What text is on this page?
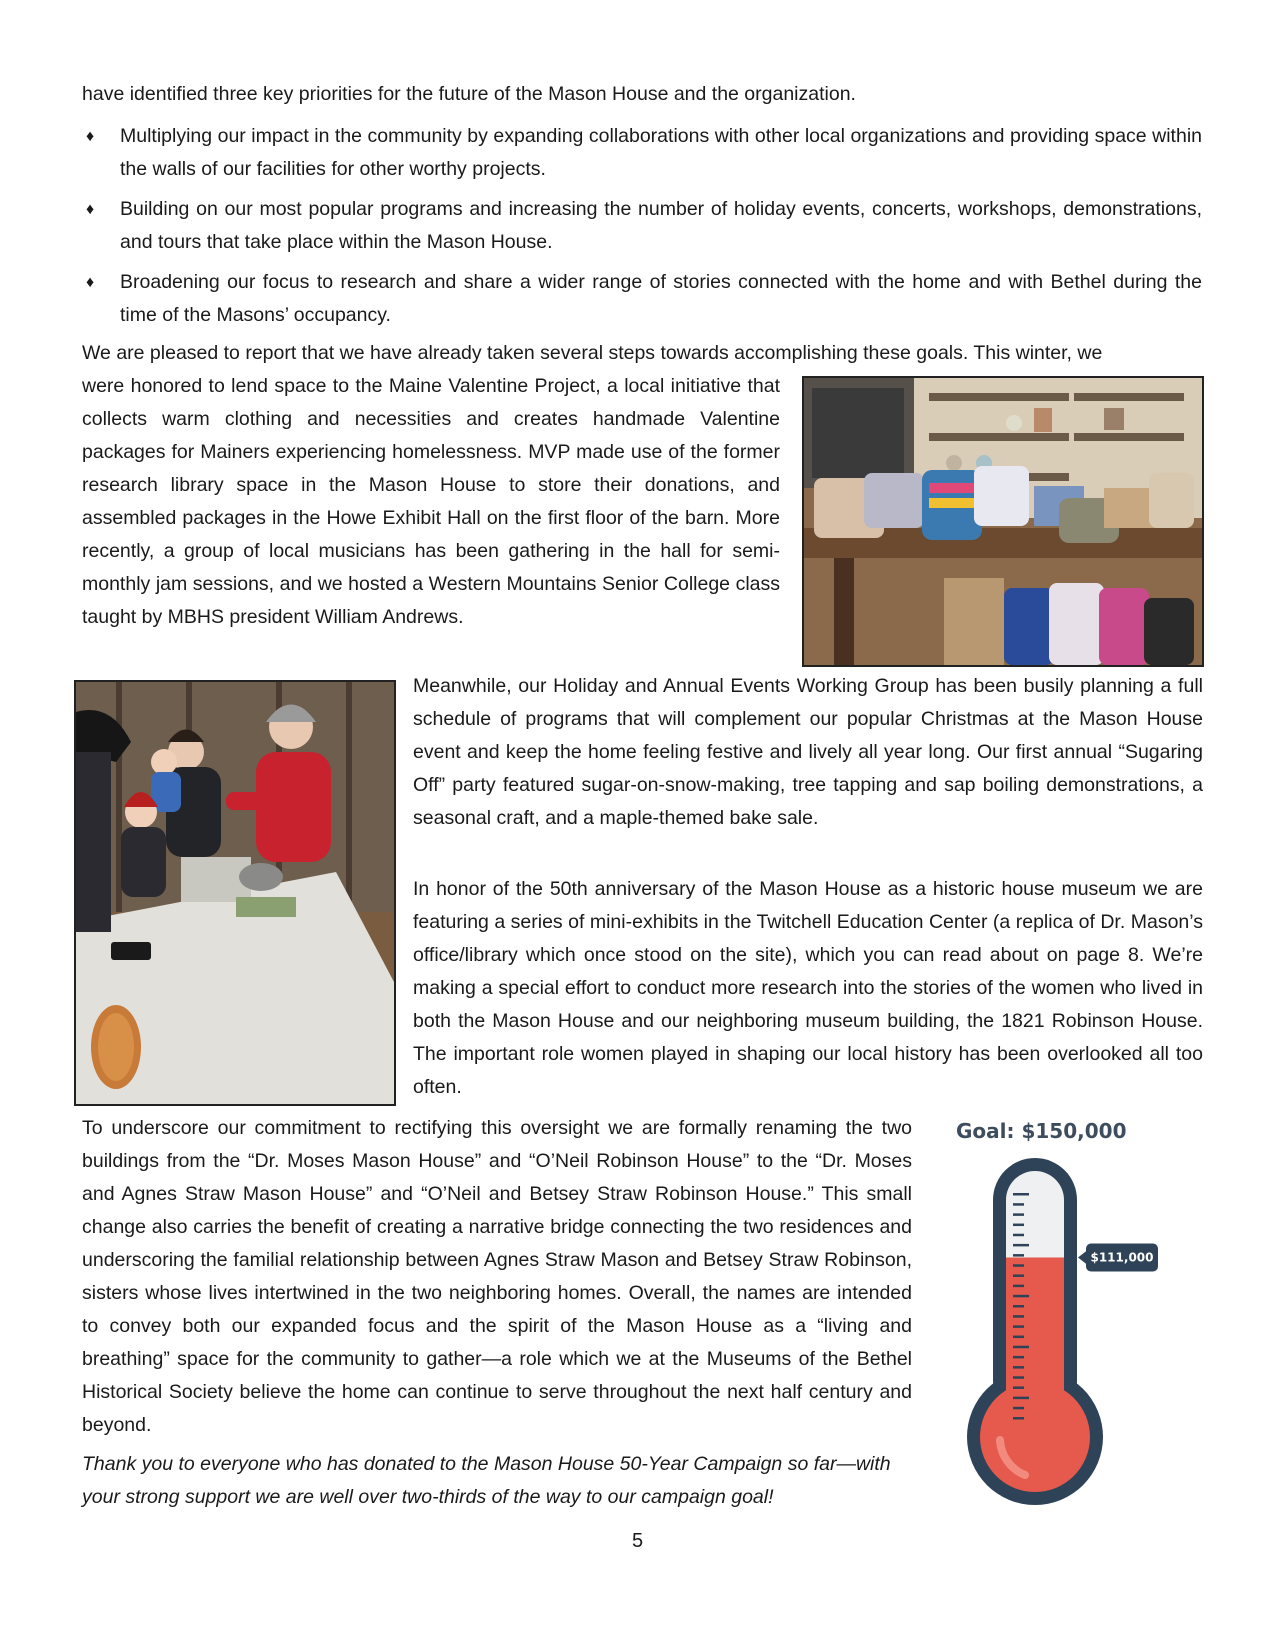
have identified three key priorities for the future of the Mason House and the organization.

♦ Multiplying our impact in the community by expanding collaborations with other local organizations and providing space within the walls of our facilities for other worthy projects.
♦ Building on our most popular programs and increasing the number of holiday events, concerts, workshops, demonstrations, and tours that take place within the Mason House.
♦ Broadening our focus to research and share a wider range of stories connected with the home and with Bethel during the time of the Masons’ occupancy.

We are pleased to report that we have already taken several steps towards accomplishing these goals. This winter, we

were honored to lend space to the Maine Valentine Project, a local initiative that collects warm clothing and necessities and creates handmade Valentine packages for Mainers experiencing homelessness. MVP made use of the former research library space in the Mason House to store their donations, and assembled packages in the Howe Exhibit Hall on the first floor of the barn. More recently, a group of local musicians has been gathering in the hall for semi-monthly jam sessions, and we hosted a Western Mountains Senior College class taught by MBHS president William Andrews.

Meanwhile, our Holiday and Annual Events Working Group has been busily planning a full schedule of programs that will complement our popular Christmas at the Mason House event and keep the home feeling festive and lively all year long. Our first annual “Sugaring Off” party featured sugar-on-snow-making, tree tapping and sap boiling demonstrations, a seasonal craft, and a maple-themed bake sale.

In honor of the 50th anniversary of the Mason House as a historic house museum we are featuring a series of mini-exhibits in the Twitchell Education Center (a replica of Dr. Mason’s office/library which once stood on the site), which you can read about on page 8. We’re making a special effort to conduct more research into the stories of the women who lived in both the Mason House and our neighboring museum building, the 1821 Robinson House. The important role women played in shaping our local history has been overlooked all too often.

To underscore our commitment to rectifying this oversight we are formally renaming the two buildings from the “Dr. Moses Mason House” and “O’Neil Robinson House” to the “Dr. Moses and Agnes Straw Mason House” and “O’Neil and Betsey Straw Robinson House.” This small change also carries the benefit of creating a narrative bridge connecting the two residences and underscoring the familial relationship between Agnes Straw Mason and Betsey Straw Robinson, sisters whose lives intertwined in the two neighboring homes. Overall, the names are intended to convey both our expanded focus and the spirit of the Mason House as a “living and breathing” space for the community to gather—a role which we at the Museums of the Bethel Historical Society believe the home can continue to serve throughout the next half century and beyond.

Thank you to everyone who has donated to the Mason House 50-Year Campaign so far—with your strong support we are well over two-thirds of the way to our campaign goal!

Goal: $150,000
$111,000
5
